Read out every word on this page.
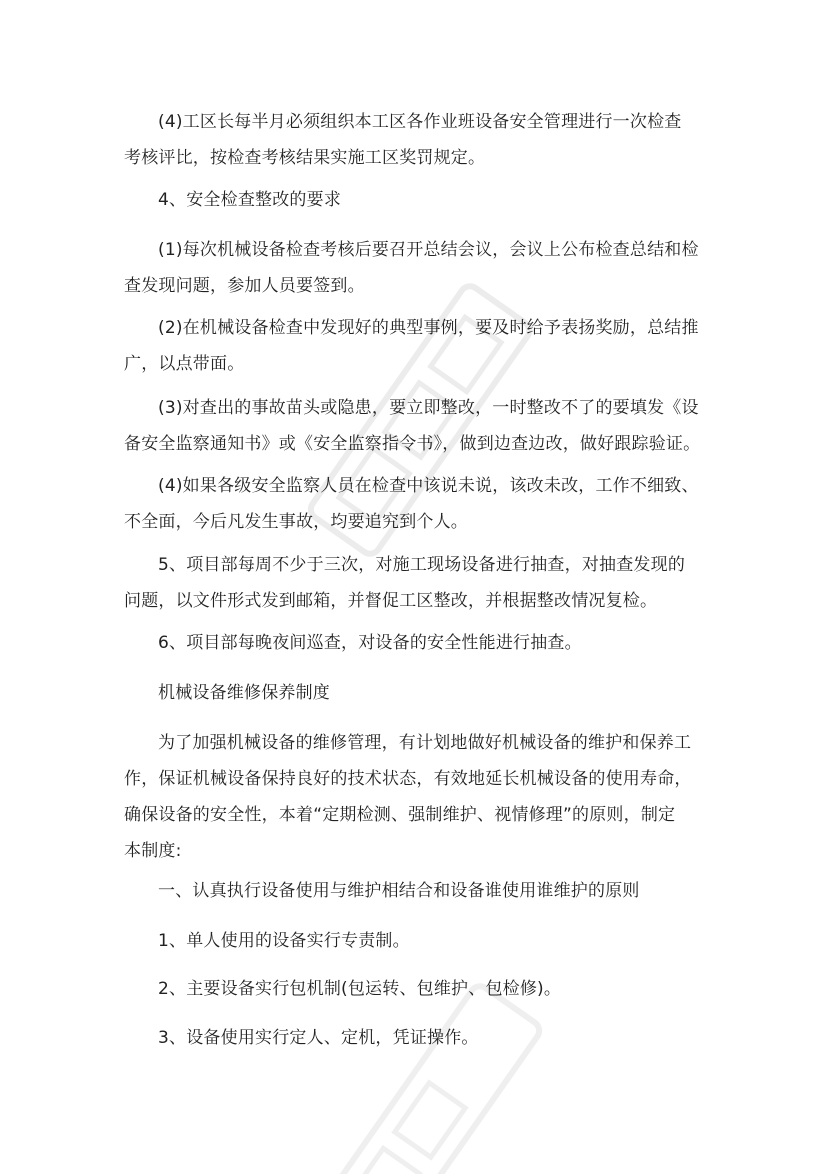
(4)工区长每半月必须组织本工区各作业班设备安全管理进行一次检查
考核评比，按检查考核结果实施工区奖罚规定。

4、安全检查整改的要求

(1)每次机械设备检查考核后要召开总结会议，会议上公布检查总结和检
查发现问题，参加人员要签到。

(2)在机械设备检查中发现好的典型事例，要及时给予表扬奖励，总结推
广，以点带面。

(3)对查出的事故苗头或隐患，要立即整改，一时整改不了的要填发《设
备安全监察通知书》或《安全监察指令书》，做到边查边改，做好跟踪验证。

(4)如果各级安全监察人员在检查中该说未说，该改未改，工作不细致、
不全面，今后凡发生事故，均要追究到个人。

5、项目部每周不少于三次，对施工现场设备进行抽查，对抽查发现的
问题，以文件形式发到邮箱，并督促工区整改，并根据整改情况复检。

6、项目部每晚夜间巡查，对设备的安全性能进行抽查。

机械设备维修保养制度

为了加强机械设备的维修管理，有计划地做好机械设备的维护和保养工
作，保证机械设备保持良好的技术状态，有效地延长机械设备的使用寿命，
确保设备的安全性，本着“定期检测、强制维护、视情修理”的原则，制定
本制度:

一、认真执行设备使用与维护相结合和设备谁使用谁维护的原则

1、单人使用的设备实行专责制。

2、主要设备实行包机制(包运转、包维护、包检修)。

3、设备使用实行定人、定机，凭证操作。
